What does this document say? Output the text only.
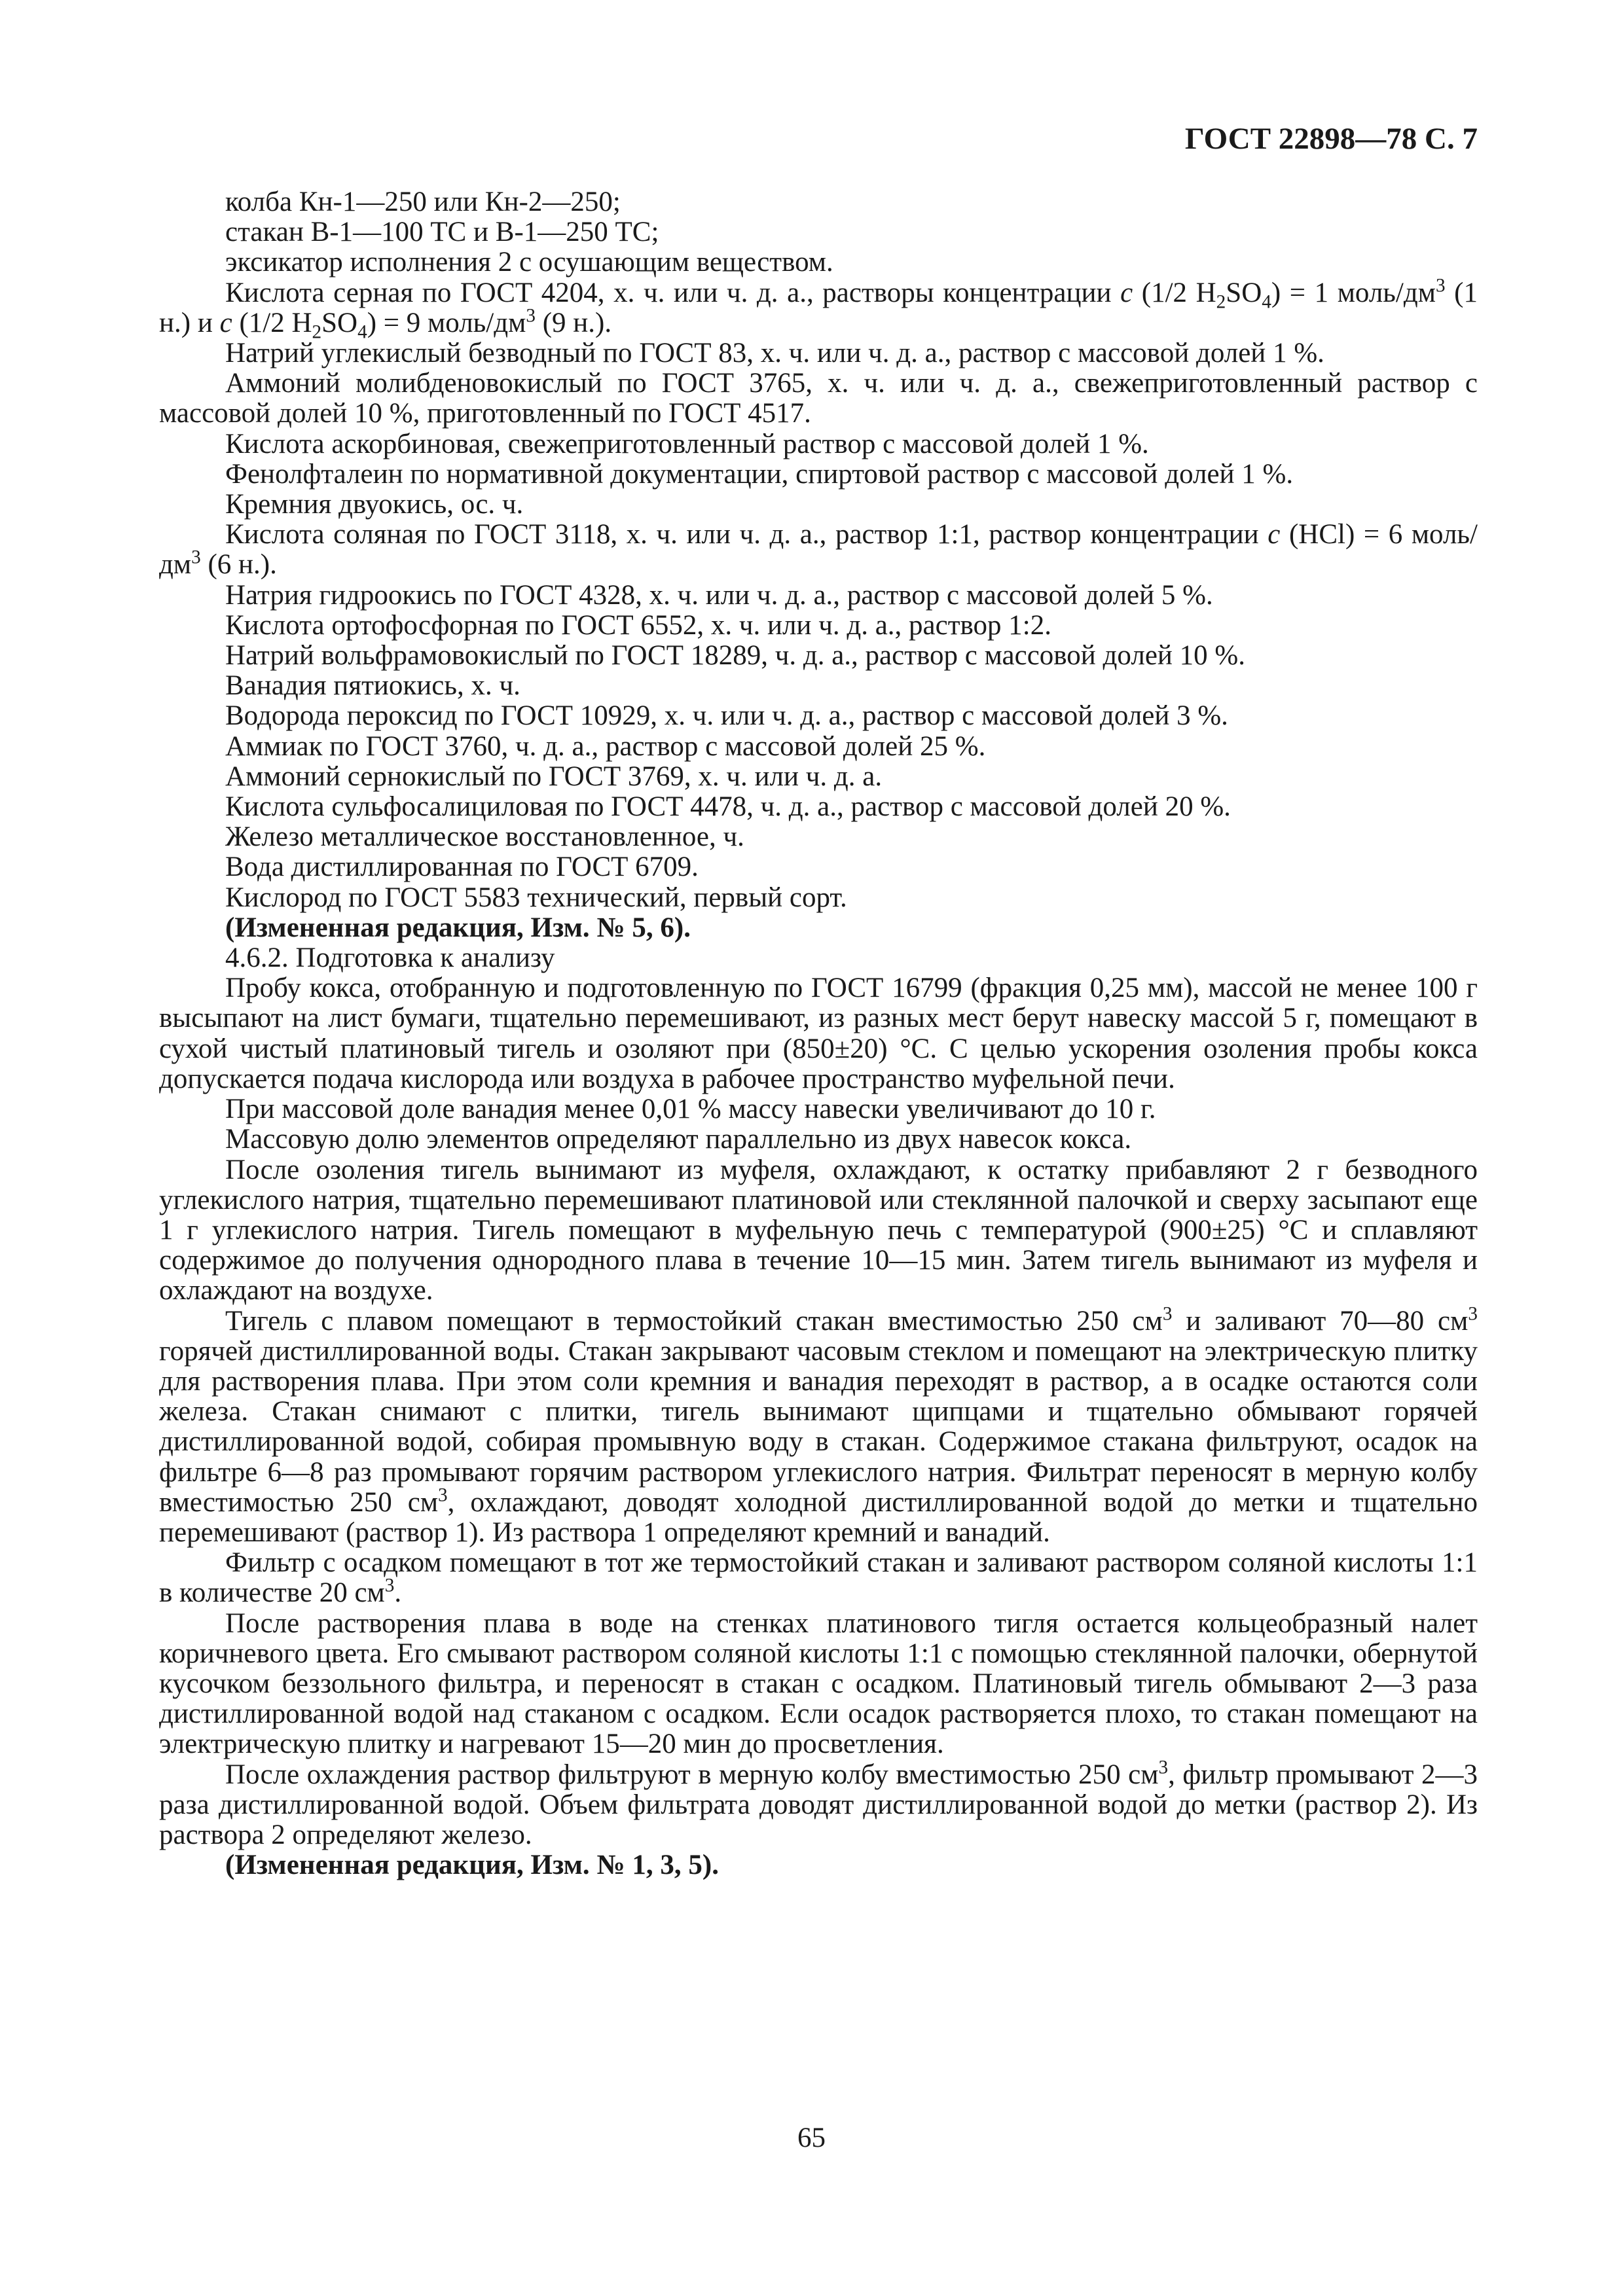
ГОСТ 22898—78 С. 7

колба Кн-1—250 или Кн-2—250;

стакан В-1—100 ТС и В-1—250 ТС;

эксикатор исполнения 2 с осушающим веществом.

Кислота серная по ГОСТ 4204, х. ч. или ч. д. а., растворы концентрации c (1/2 $H_2SO_4) = 1$ моль/$дм^3$ (1 н.) и c (1/2 $H_2SO_4) = 9$ моль/$дм^3$ (9 н.).

Натрий углекислый безводный по ГОСТ 83, х. ч. или ч. д. а., раствор с массовой долей 1 %.

Аммоний молибденовокислый по ГОСТ 3765, х. ч. или ч. д. а., свежеприготовленный раствор с массовой долей 10 %, приготовленный по ГОСТ 4517.

Кислота аскорбиновая, свежеприготовленный раствор с массовой долей 1 %.

Фенолфталеин по нормативной документации, спиртовой раствор с массовой долей 1 %.

Кремния двуокись, ос. ч.

Кислота соляная по ГОСТ 3118, х. ч. или ч. д. а., раствор 1:1, раствор концентрации c (HCl) = 6 моль/$дм^3$ (6 н.).

Натрия гидроокись по ГОСТ 4328, х. ч. или ч. д. а., раствор с массовой долей 5 %.

Кислота ортофосфорная по ГОСТ 6552, х. ч. или ч. д. а., раствор 1:2.

Натрий вольфрамовокислый по ГОСТ 18289, ч. д. а., раствор с массовой долей 10 %.

Ванадия пятиокись, х. ч.

Водорода пероксид по ГОСТ 10929, х. ч. или ч. д. а., раствор с массовой долей 3 %.

Аммиак по ГОСТ 3760, ч. д. а., раствор с массовой долей 25 %.

Аммоний сернокислый по ГОСТ 3769, х. ч. или ч. д. а.

Кислота сульфосалициловая по ГОСТ 4478, ч. д. а., раствор с массовой долей 20 %.

Железо металлическое восстановленное, ч.

Вода дистиллированная по ГОСТ 6709.

Кислород по ГОСТ 5583 технический, первый сорт.

(Измененная редакция, Изм. № 5, 6).

4.6.2. Подготовка к анализу

Пробу кокса, отобранную и подготовленную по ГОСТ 16799 (фракция 0,25 мм), массой не менее 100 г высыпают на лист бумаги, тщательно перемешивают, из разных мест берут навеску массой 5 г, помещают в сухой чистый платиновый тигель и озоляют при (850±20) °С. С целью ускорения озоления пробы кокса допускается подача кислорода или воздуха в рабочее пространство муфельной печи.

При массовой доле ванадия менее 0,01 % массу навески увеличивают до 10 г.

Массовую долю элементов определяют параллельно из двух навесок кокса.

После озоления тигель вынимают из муфеля, охлаждают, к остатку прибавляют 2 г безводного углекислого натрия, тщательно перемешивают платиновой или стеклянной палочкой и сверху засыпают еще 1 г углекислого натрия. Тигель помещают в муфельную печь с температурой (900±25) °С и сплавляют содержимое до получения однородного плава в течение 10—15 мин. Затем тигель вынимают из муфеля и охлаждают на воздухе.

Тигель с плавом помещают в термостойкий стакан вместимостью 250 $см^3$ и заливают 70—80 $см^3$ горячей дистиллированной воды. Стакан закрывают часовым стеклом и помещают на электрическую плитку для растворения плава. При этом соли кремния и ванадия переходят в раствор, а в осадке остаются соли железа. Стакан снимают с плитки, тигель вынимают щипцами и тщательно обмывают горячей дистиллированной водой, собирая промывную воду в стакан. Содержимое стакана фильтруют, осадок на фильтре 6—8 раз промывают горячим раствором углекислого натрия. Фильтрат переносят в мерную колбу вместимостью 250 $см^3$, охлаждают, доводят холодной дистиллированной водой до метки и тщательно перемешивают (раствор 1). Из раствора 1 определяют кремний и ванадий.

Фильтр с осадком помещают в тот же термостойкий стакан и заливают раствором соляной кислоты 1:1 в количестве 20 $см^3$.

После растворения плава в воде на стенках платинового тигля остается кольцеобразный налет коричневого цвета. Его смывают раствором соляной кислоты 1:1 с помощью стеклянной палочки, обернутой кусочком беззольного фильтра, и переносят в стакан с осадком. Платиновый тигель обмывают 2—3 раза дистиллированной водой над стаканом с осадком. Если осадок растворяется плохо, то стакан помещают на электрическую плитку и нагревают 15—20 мин до просветления.

После охлаждения раствор фильтруют в мерную колбу вместимостью 250 $см^3$, фильтр промывают 2—3 раза дистиллированной водой. Объем фильтрата доводят дистиллированной водой до метки (раствор 2). Из раствора 2 определяют железо.

(Измененная редакция, Изм. № 1, 3, 5).

65
